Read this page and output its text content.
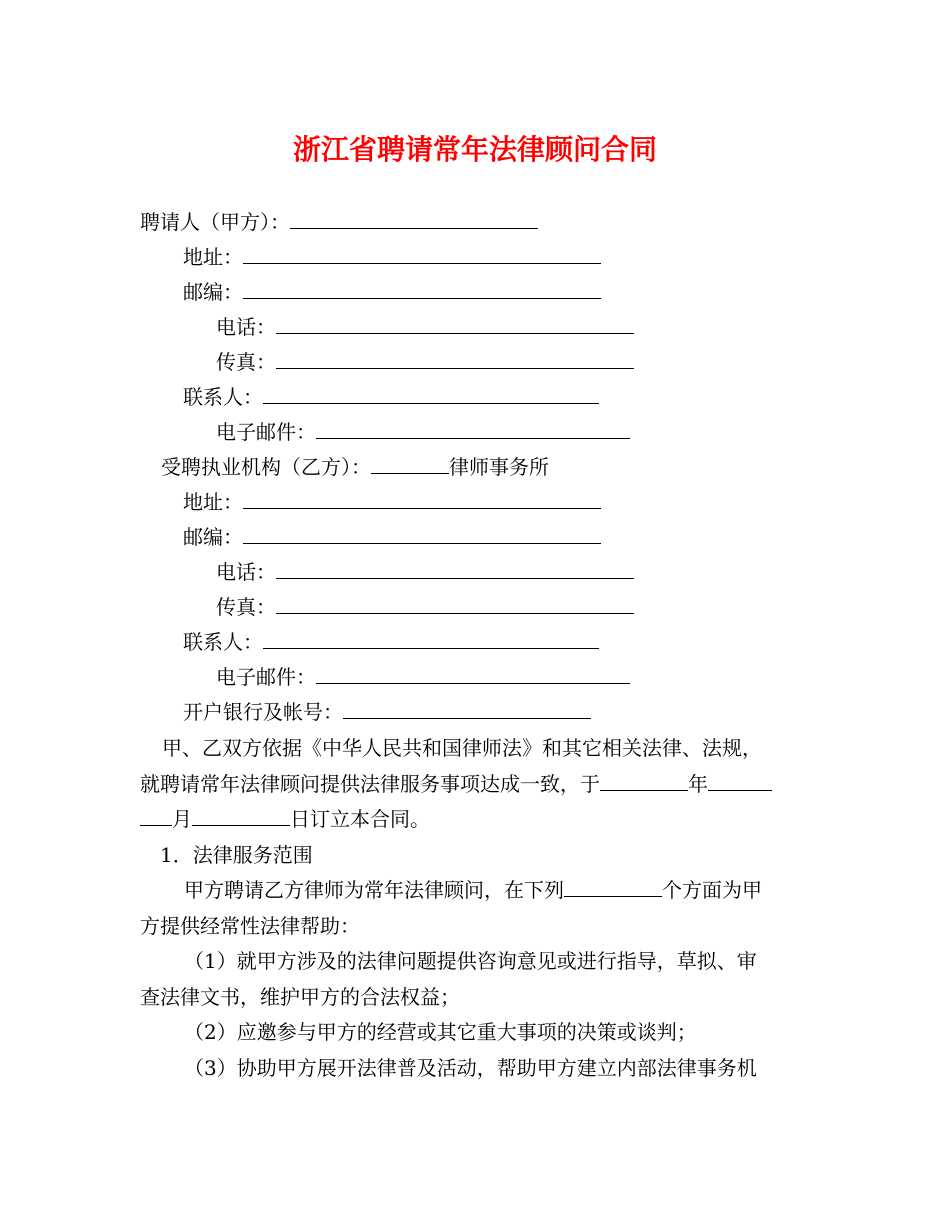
浙江省聘请常年法律顾问合同
聘请人（甲方）：
地址：
邮编：
电话：
传真：
联系人：
电子邮件：
受聘执业机构（乙方）：	律师事务所
地址：
邮编：
电话：
传真：
联系人：
电子邮件：
开户银行及帐号：
甲、乙双方依据《中华人民共和国律师法》和其它相关法律、法规，
就聘请常年法律顾问提供法律服务事项达成一致，于	年
月	日订立本合同。
1．法律服务范围
甲方聘请乙方律师为常年法律顾问，在下列	个方面为甲
方提供经常性法律帮助：
（1）就甲方涉及的法律问题提供咨询意见或进行指导，草拟、审
查法律文书，维护甲方的合法权益；
（2）应邀参与甲方的经营或其它重大事项的决策或谈判；
（3）协助甲方展开法律普及活动，帮助甲方建立内部法律事务机
